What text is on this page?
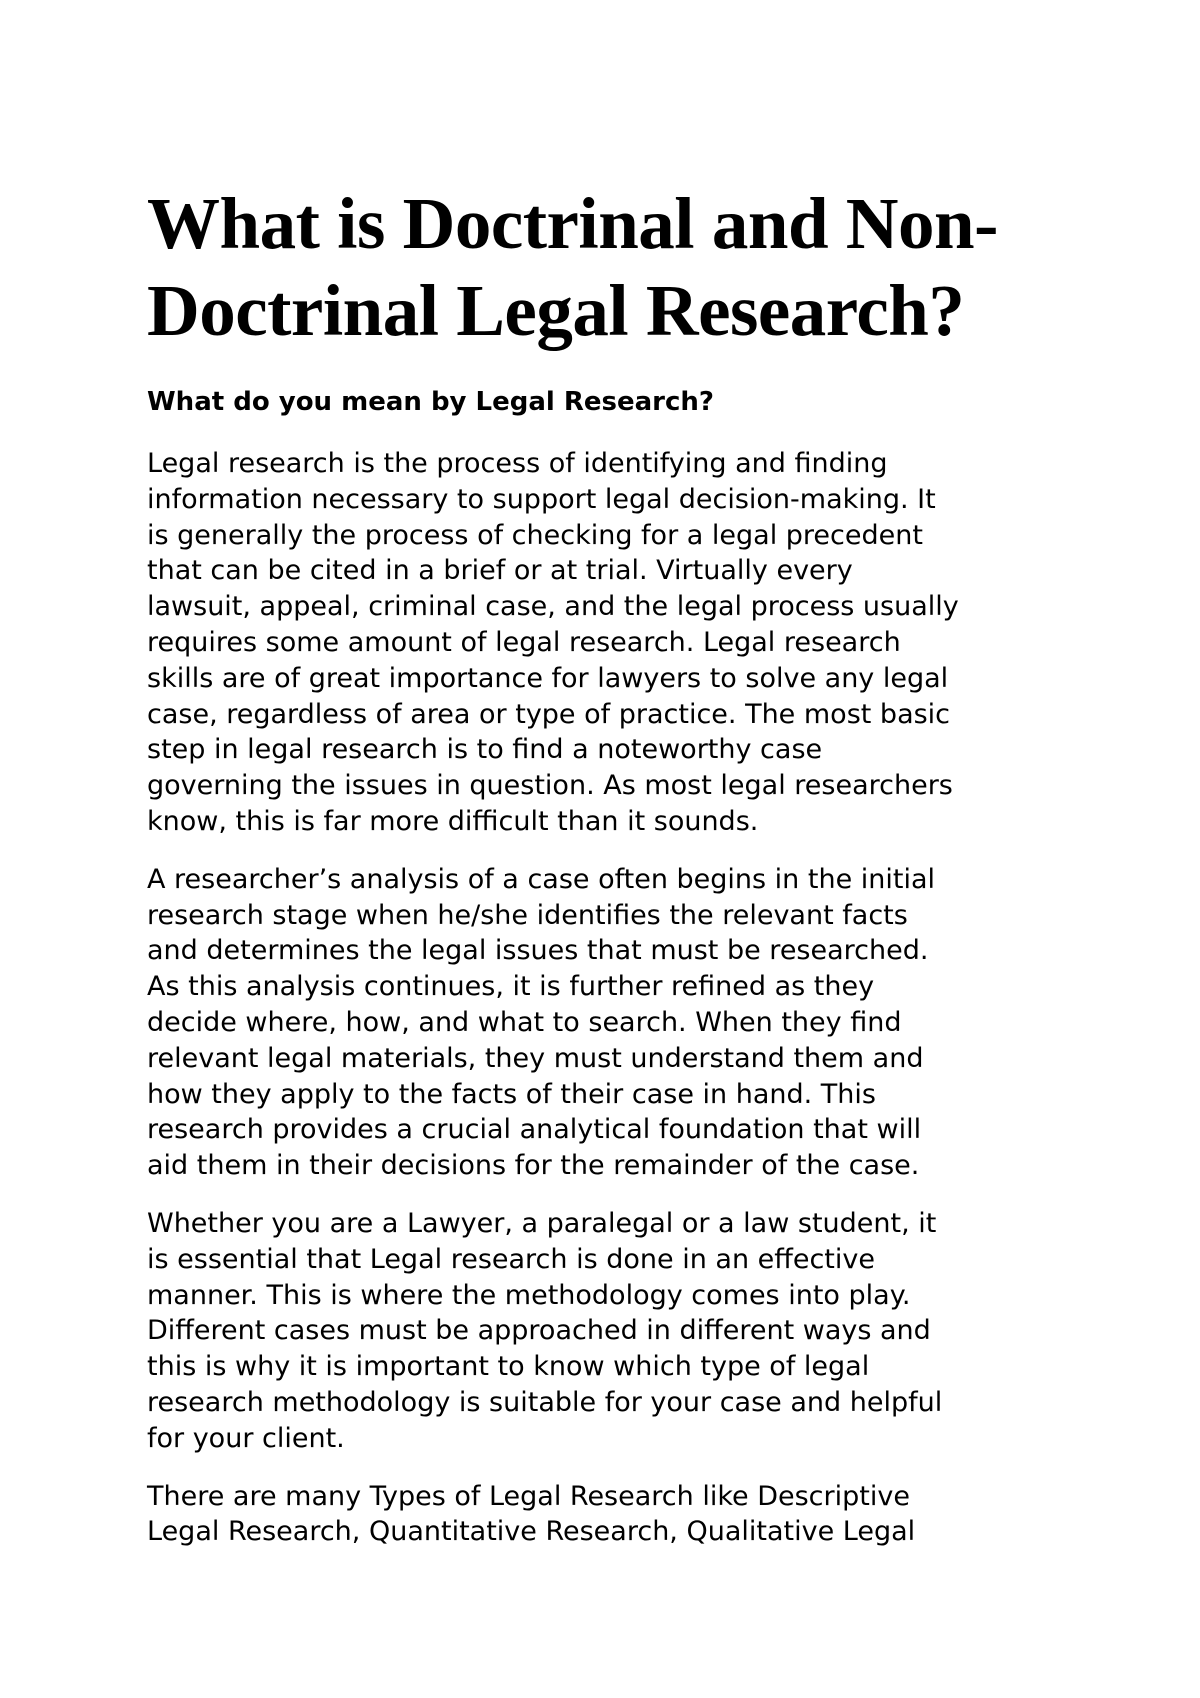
What is Doctrinal and Non-
Doctrinal Legal Research?
What do you mean by Legal Research?

Legal research is the process of identifying and finding
information necessary to support legal decision-making. It
is generally the process of checking for a legal precedent
that can be cited in a brief or at trial. Virtually every
lawsuit, appeal, criminal case, and the legal process usually
requires some amount of legal research. Legal research
skills are of great importance for lawyers to solve any legal
case, regardless of area or type of practice. The most basic
step in legal research is to find a noteworthy case
governing the issues in question. As most legal researchers
know, this is far more difficult than it sounds.

A researcher’s analysis of a case often begins in the initial
research stage when he/she identifies the relevant facts
and determines the legal issues that must be researched.
As this analysis continues, it is further refined as they
decide where, how, and what to search. When they find
relevant legal materials, they must understand them and
how they apply to the facts of their case in hand. This
research provides a crucial analytical foundation that will
aid them in their decisions for the remainder of the case.

Whether you are a Lawyer, a paralegal or a law student, it
is essential that Legal research is done in an effective
manner. This is where the methodology comes into play.
Different cases must be approached in different ways and
this is why it is important to know which type of legal
research methodology is suitable for your case and helpful
for your client.

There are many Types of Legal Research like Descriptive
Legal Research, Quantitative Research, Qualitative Legal
